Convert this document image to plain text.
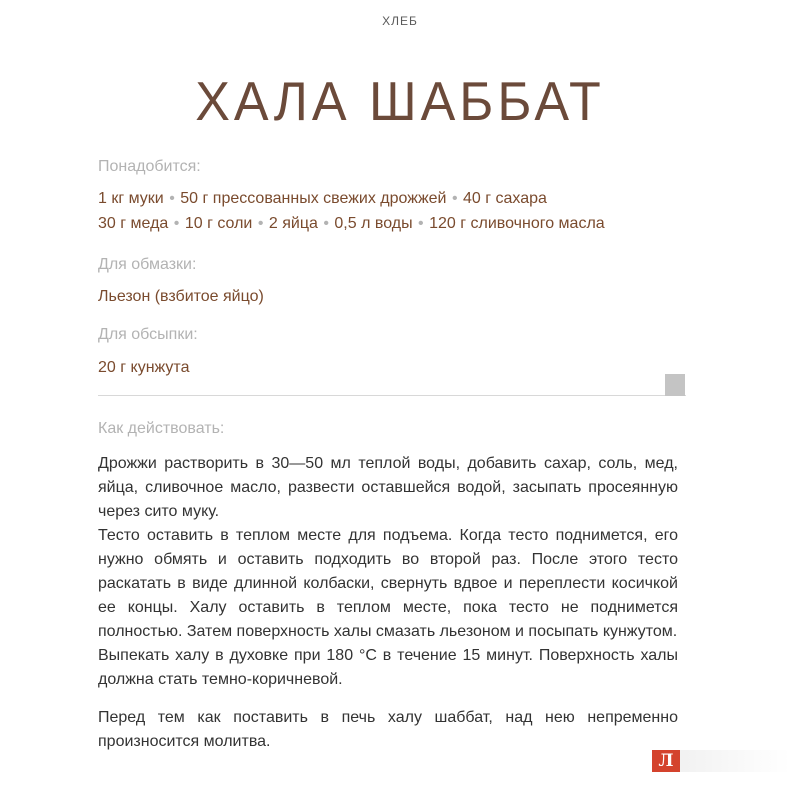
ХЛЕБ
ХАЛА ШАББАТ
Понадобится:
1 кг муки • 50 г прессованных свежих дрожжей • 40 г сахара
30 г меда • 10 г соли • 2 яйца • 0,5 л воды • 120 г сливочного масла
Для обмазки:
Льезон (взбитое яйцо)
Для обсыпки:
20 г кунжута
Как действовать:

Дрожжи растворить в 30—50 мл теплой воды, добавить сахар, соль, мед, яйца, сливочное масло, развести оставшейся водой, засыпать просеянную через сито муку.

Тесто оставить в теплом месте для подъема. Когда тесто поднимется, его нужно обмять и оставить подходить во второй раз. После этого тесто раскатать в виде длинной колбаски, свернуть вдвое и переплести косичкой ее концы. Халу оставить в теплом месте, пока тесто не поднимется полностью. Затем поверхность халы смазать льезоном и посыпать кунжутом.

Выпекать халу в духовке при 180 °C в течение 15 минут. Поверхность халы должна стать темно-коричневой.

Перед тем как поставить в печь халу шаббат, над нею непременно произносится молитва.

Л
